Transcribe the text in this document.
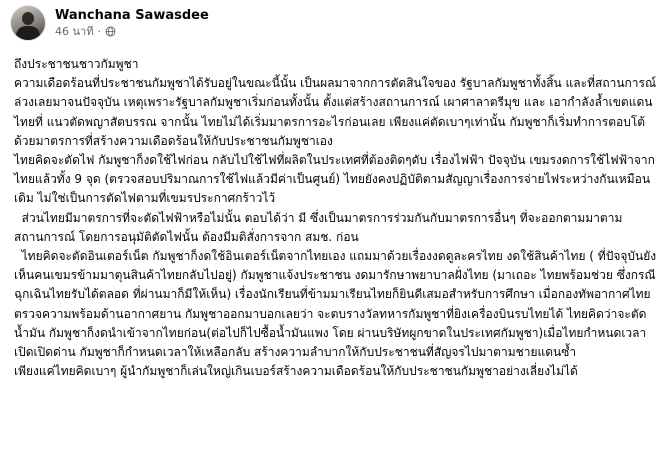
Wanchana Sawasdee
46 นาที ·

ถึงประชาชนชาวกัมพูชา

ความเดือดร้อนที่ประชาชนกัมพูชาได้รับอยู่ในขณะนี้นั้น เป็นผลมาจากการตัดสินใจของ รัฐบาลกัมพูชาทั้งสิ้น และที่สถานการณ์ล่วงเลยมาจนปัจจุบัน เหตุเพราะรัฐบาลกัมพูชาเริ่มก่อนทั้งนั้น ตั้งแต่สร้างสถานการณ์ เผาศาลาตรีมุข และ เอากำลังล้ำเขตแดนไทยที่ แนวตัดพญาสัตบรรณ จากนั้น ไทยไม่ได้เริ่มมาตรการอะไรก่อนเลย เพียงแค่ตัดเบาๆเท่านั้น กัมพูชาก็เริ่มทำการตอบโต้ด้วยมาตรการที่สร้างความเดือดร้อนให้กับประชาชนกัมพูชาเอง

ไทยคิดจะตัดไฟ กัมพูชาก็งดใช้ไฟก่อน กลับไปใช้ไฟที่ผลิตในประเทศที่ต้องติดๆดับ เรื่องไฟฟ้า ปัจจุบัน เขมรงดการใช้ไฟฟ้าจากไทยแล้วทั้ง 9 จุด (ตรวจสอบปริมาณการใช้ไฟแล้วมีค่าเป็นศูนย์) ไทยยังคงปฏิบัติตามสัญญาเรื่องการจ่ายไฟระหว่างกันเหมือนเดิม ไม่ใช่เป็นการตัดไฟตามที่เขมรประกาศกร้าวไว้

ส่วนไทยมีมาตรการที่จะตัดไฟฟ้าหรือไม่นั้น ตอบได้ว่า มี ซึ่งเป็นมาตรการร่วมกันกับมาตรการอื่นๆ ที่จะออกตามมาตามสถานการณ์ โดยการอนุมัติตัดไฟนั้น ต้องมีมติสั่งการจาก สมช. ก่อน

ไทยคิดจะตัดอินเตอร์เน็ต กัมพูชาก็งดใช้อินเตอร์เน็ตจากไทยเอง แถมมาด้วยเรื่องงดดูละครไทย งดใช้สินค้าไทย ( ที่ปัจจุบันยังเห็นคนเขมรข้ามมาตุนสินค้าไทยกลับไปอยู่) กัมพูชาแจ้งประชาชน งดมารักษาพยาบาลฝั่งไทย (มาเถอะ ไทยพร้อมช่วย ซึ่งกรณีฉุกเฉินไทยรับได้ตลอด ที่ผ่านมาก็มีให้เห็น) เรื่องนักเรียนที่ข้ามมาเรียนไทยก็ยินดีเสมอสำหรับการศึกษา เมื่อกองทัพอากาศไทยตรวจความพร้อมด้านอากาศยาน กัมพูชาออกมาบอกเลยว่า จะตบรางวัลทหารกัมพูชาที่ยิงเครื่องบินรบไทยได้ ไทยคิดว่าจะตัดน้ำมัน กัมพูชาก็งดนำเข้าจากไทยก่อน(ต่อไปก็ไปซื้อน้ำมันแพง โดย ผ่านบริษัทผูกขาดในประเทศกัมพูชา)เมื่อไทยกำหนดเวลาเปิดเปิดด่าน กัมพูชาก็กำหนดเวลาให้เหลือกลับ สร้างความลำบากให้กับประชาชนที่สัญจรไปมาตามชายแดนซ้ำ

เพียงแค่ไทยคิดเบาๆ ผู้นำกัมพูชาก็เล่นใหญ่เกินเบอร์สร้างความเดือดร้อนให้กับประชาชนกัมพูชาอย่างเลี่ยงไม่ได้
